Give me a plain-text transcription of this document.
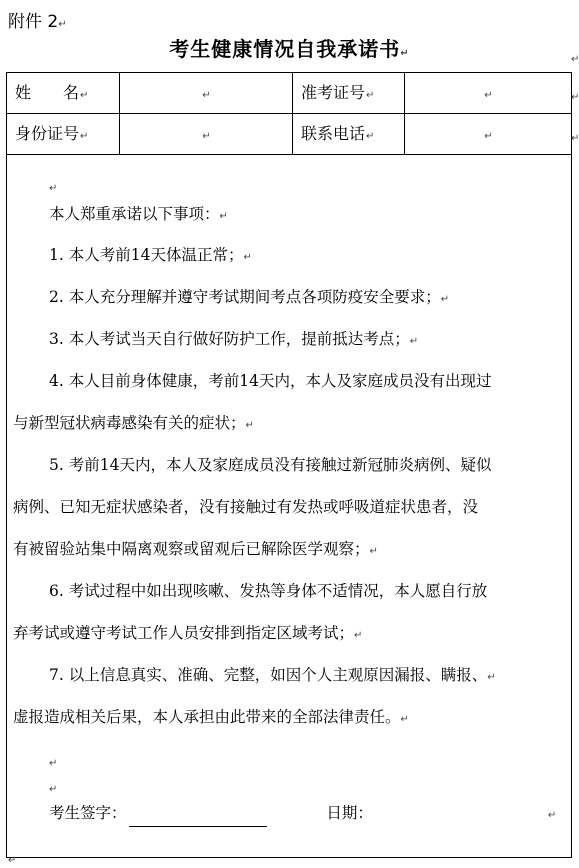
附件 2↵
考生健康情况自我承诺书↵
姓　　名↵	↵	准考证号↵	↵
身份证号↵	↵	联系电话↵	↵
↵
本人郑重承诺以下事项：↵
1. 本人考前14天体温正常；↵
2. 本人充分理解并遵守考试期间考点各项防疫安全要求；↵
3. 本人考试当天自行做好防护工作，提前抵达考点；↵
4. 本人目前身体健康，考前14天内，本人及家庭成员没有出现过
与新型冠状病毒感染有关的症状；↵
5. 考前14天内，本人及家庭成员没有接触过新冠肺炎病例、疑似
病例、已知无症状感染者，没有接触过有发热或呼吸道症状患者，没
有被留验站集中隔离观察或留观后已解除医学观察；↵
6. 考试过程中如出现咳嗽、发热等身体不适情况，本人愿自行放
弃考试或遵守考试工作人员安排到指定区域考试；↵
7. 以上信息真实、准确、完整，如因个人主观原因漏报、瞒报、↵
虚报造成相关后果，本人承担由此带来的全部法律责任。↵
↵
↵
考生签字：	日期：	↵
↵
↵
↵
↵
